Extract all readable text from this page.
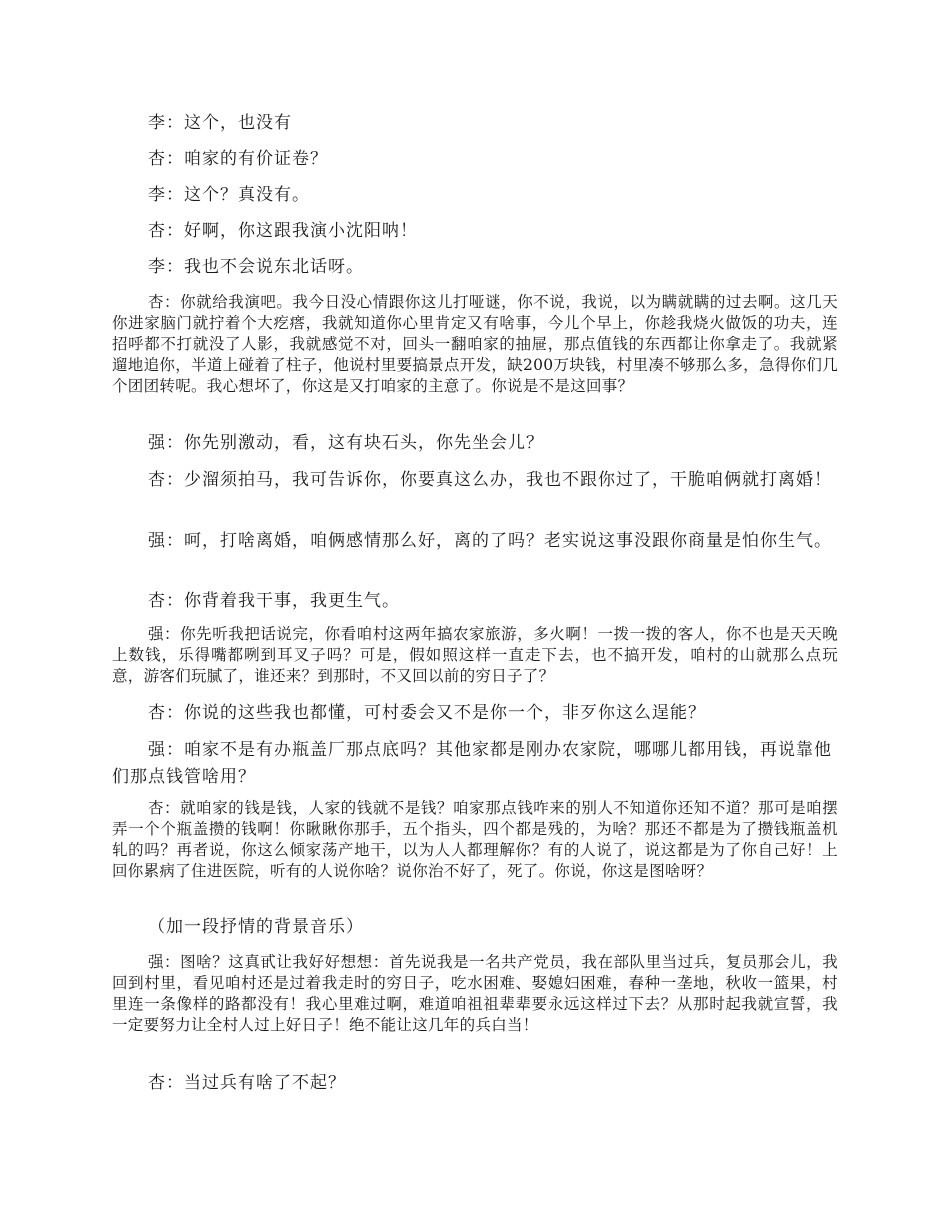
李：这个，也没有

杏：咱家的有价证卷？

李：这个？真没有。

杏：好啊，你这跟我演小沈阳呐！

李：我也不会说东北话呀。

杏：你就给我演吧。我今日没心情跟你这儿打哑谜，你不说，我说，以为瞒就瞒的过去啊。这几天你进家脑门就拧着个大疙瘩，我就知道你心里肯定又有啥事，今儿个早上，你趁我烧火做饭的功夫，连招呼都不打就没了人影，我就感觉不对，回头一翻咱家的抽屉，那点值钱的东西都让你拿走了。我就紧遛地追你，半道上碰着了柱子，他说村里要搞景点开发，缺200万块钱，村里凑不够那么多，急得你们几个团团转呢。我心想坏了，你这是又打咱家的主意了。你说是不是这回事？

强：你先别激动，看，这有块石头，你先坐会儿？

杏：少溜须拍马，我可告诉你，你要真这么办，我也不跟你过了，干脆咱俩就打离婚！

强：呵，打啥离婚，咱俩感情那么好，离的了吗？老实说这事没跟你商量是怕你生气。

杏：你背着我干事，我更生气。

强：你先听我把话说完，你看咱村这两年搞农家旅游，多火啊！一拨一拨的客人，你不也是天天晚上数钱，乐得嘴都咧到耳叉子吗？可是，假如照这样一直走下去，也不搞开发，咱村的山就那么点玩意，游客们玩腻了，谁还来？到那时，不又回以前的穷日子了？

杏：你说的这些我也都懂，可村委会又不是你一个，非歹你这么逞能？

强：咱家不是有办瓶盖厂那点底吗？其他家都是刚办农家院，哪哪儿都用钱，再说靠他们那点钱管啥用？

杏：就咱家的钱是钱，人家的钱就不是钱？咱家那点钱咋来的别人不知道你还知不道？那可是咱摆弄一个个瓶盖攒的钱啊！你瞅瞅你那手，五个指头，四个都是残的，为啥？那还不都是为了攒钱瓶盖机轧的吗？再者说，你这么倾家荡产地干，以为人人都理解你？有的人说了，说这都是为了你自己好！上回你累病了住进医院，听有的人说你啥？说你治不好了，死了。你说，你这是图啥呀？

（加一段抒情的背景音乐）

强：图啥？这真甙让我好好想想：首先说我是一名共产党员，我在部队里当过兵，复员那会儿，我回到村里，看见咱村还是过着我走时的穷日子，吃水困难、娶媳妇困难，春种一垄地，秋收一篮果，村里连一条像样的路都没有！我心里难过啊，难道咱祖祖辈辈要永远这样过下去？从那时起我就宣誓，我一定要努力让全村人过上好日子！绝不能让这几年的兵白当！

杏：当过兵有啥了不起？
